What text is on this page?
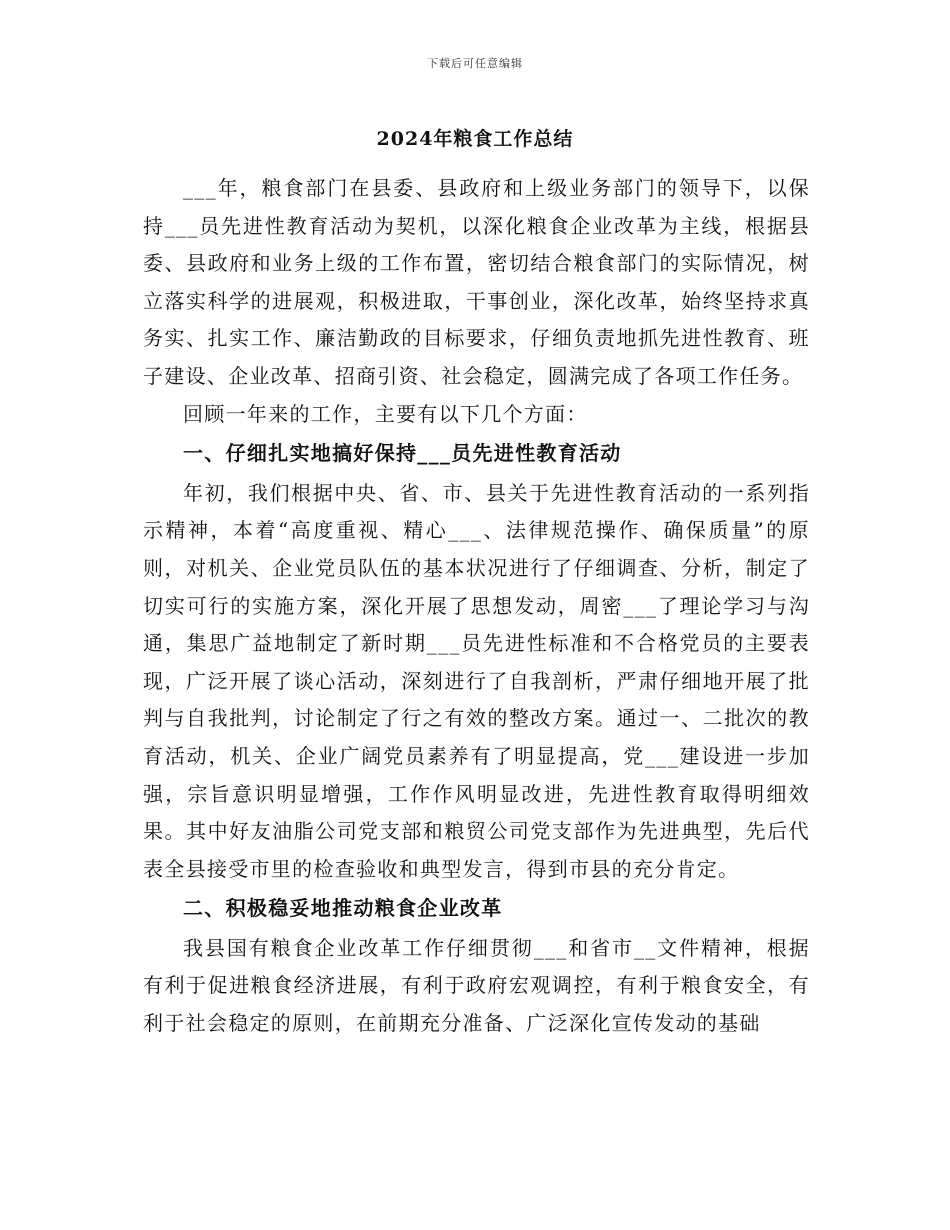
下载后可任意编辑
2024年粮食工作总结

___年，粮食部门在县委、县政府和上级业务部门的领导下，以保持___员先进性教育活动为契机，以深化粮食企业改革为主线，根据县委、县政府和业务上级的工作布置，密切结合粮食部门的实际情况，树立落实科学的进展观，积极进取，干事创业，深化改革，始终坚持求真务实、扎实工作、廉洁勤政的目标要求，仔细负责地抓先进性教育、班子建设、企业改革、招商引资、社会稳定，圆满完成了各项工作任务。

回顾一年来的工作，主要有以下几个方面：

一、仔细扎实地搞好保持___员先进性教育活动

年初，我们根据中央、省、市、县关于先进性教育活动的一系列指示精神，本着“高度重视、精心___、法律规范操作、确保质量”的原则，对机关、企业党员队伍的基本状况进行了仔细调查、分析，制定了切实可行的实施方案，深化开展了思想发动，周密___了理论学习与沟通，集思广益地制定了新时期___员先进性标准和不合格党员的主要表现，广泛开展了谈心活动，深刻进行了自我剖析，严肃仔细地开展了批判与自我批判，讨论制定了行之有效的整改方案。通过一、二批次的教育活动，机关、企业广阔党员素养有了明显提高，党___建设进一步加强，宗旨意识明显增强，工作作风明显改进，先进性教育取得明细效果。其中好友油脂公司党支部和粮贸公司党支部作为先进典型，先后代表全县接受市里的检查验收和典型发言，得到市县的充分肯定。

二、积极稳妥地推动粮食企业改革

我县国有粮食企业改革工作仔细贯彻___和省市__文件精神，根据有利于促进粮食经济进展，有利于政府宏观调控，有利于粮食安全，有利于社会稳定的原则，在前期充分准备、广泛深化宣传发动的基础
